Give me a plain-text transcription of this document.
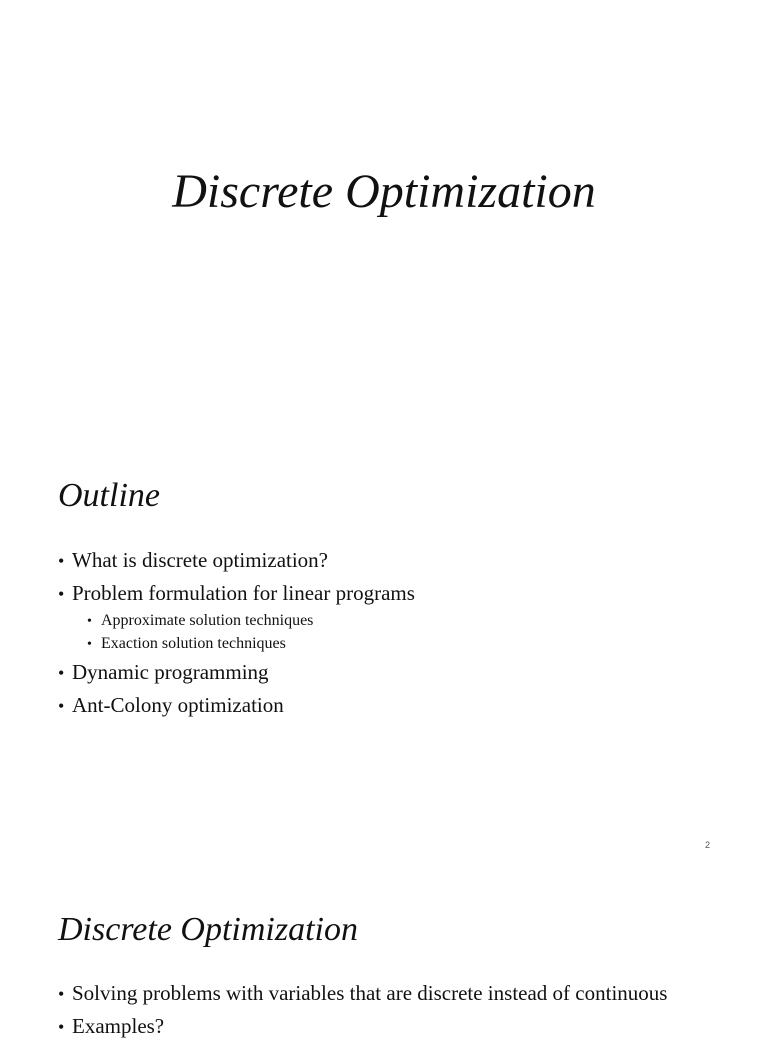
Discrete Optimization
Outline
• What is discrete optimization?
• Problem formulation for linear programs
• Approximate solution techniques
• Exaction solution techniques
• Dynamic programming
• Ant-Colony optimization
2
Discrete Optimization
• Solving problems with variables that are discrete instead of continuous
• Examples?
